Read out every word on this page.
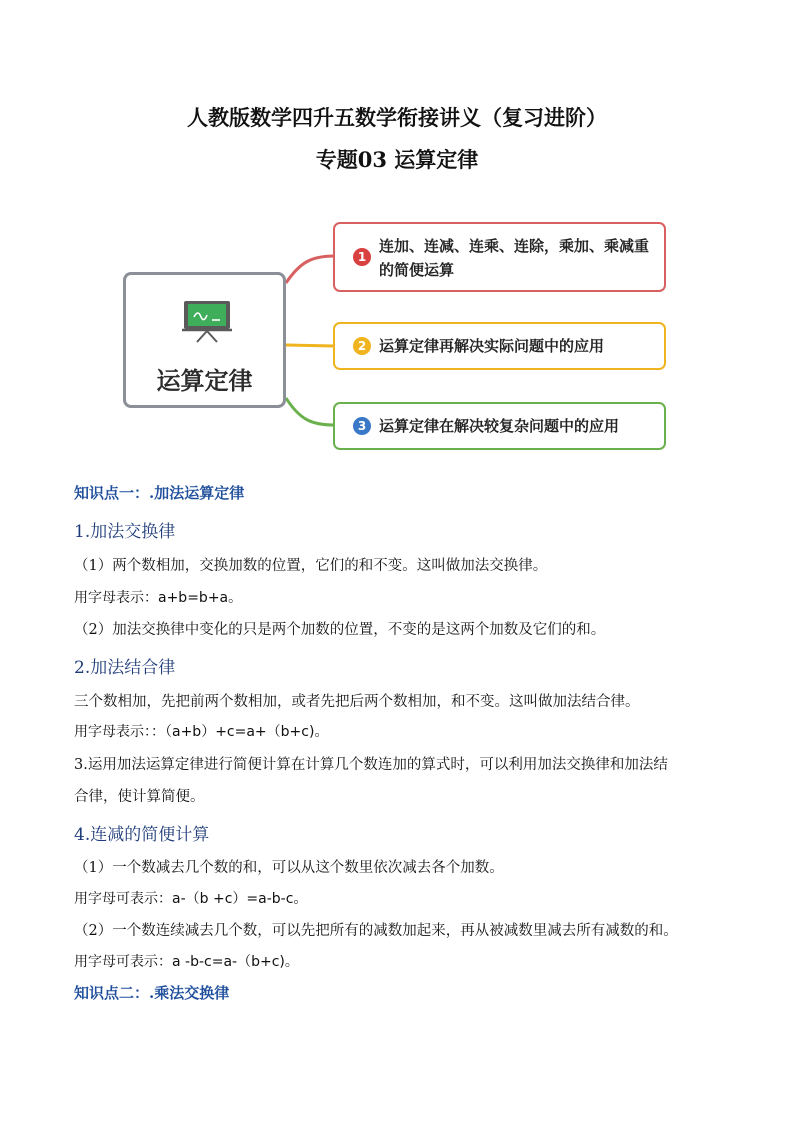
人教版数学四升五数学衔接讲义（复习进阶）
专题03 运算定律
运算定律
1
连加、连减、连乘、连除，乘加、乘减重的简便运算
2 运算定律再解决实际问题中的应用
3 运算定律在解决较复杂问题中的应用
知识点一：.加法运算定律
1.加法交换律
（1）两个数相加，交换加数的位置，它们的和不变。这叫做加法交换律。
用字母表示：a+b=b+a。
（2）加法交换律中变化的只是两个加数的位置，不变的是这两个加数及它们的和。
2.加法结合律
三个数相加，先把前两个数相加，或者先把后两个数相加，和不变。这叫做加法结合律。
用字母表示：：（a+b）+c=a+（b+c)。
3.运用加法运算定律进行简便计算在计算几个数连加的算式时，可以利用加法交换律和加法结
合律，使计算简便。
4.连减的简便计算
（1）一个数减去几个数的和，可以从这个数里依次减去各个加数。
用字母可表示：a-（b +c）=a-b-c。
（2）一个数连续减去几个数，可以先把所有的减数加起来，再从被减数里减去所有减数的和。
用字母可表示：a -b-c=a-（b+c)。
知识点二：.乘法交换律
